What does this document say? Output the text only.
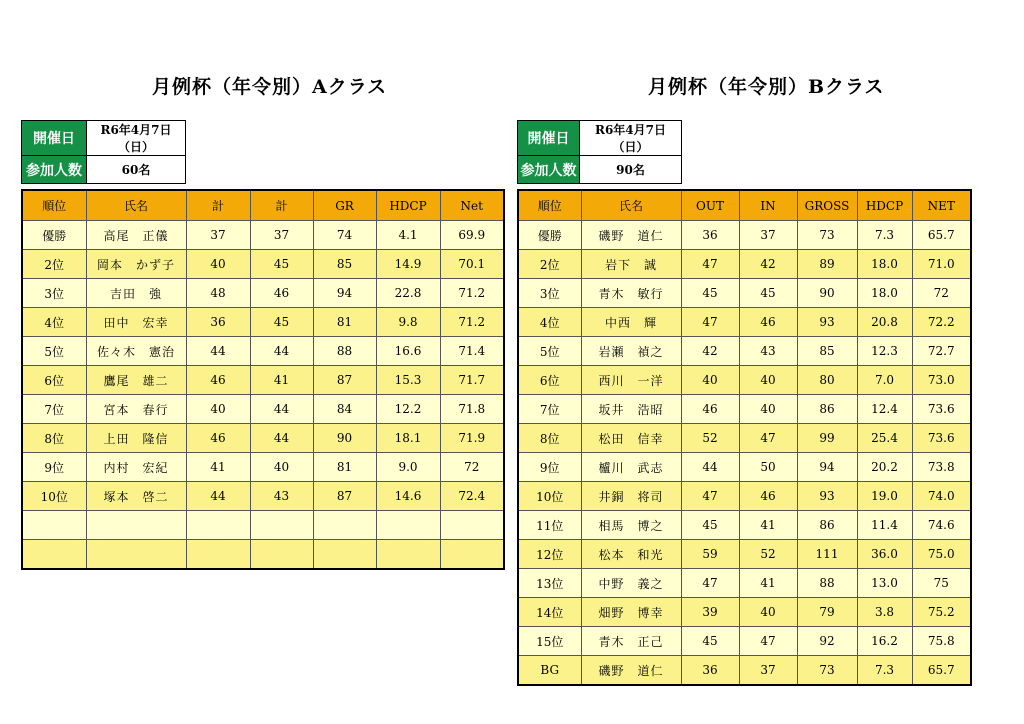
月例杯（年令別）Aクラス	月例杯（年令別）Bクラス
開催日	R6年4月7日（日）
参加人数	60名
開催日	R6年4月7日（日）
参加人数	90名
順位	氏名	計	計	GR	HDCP	Net
優勝	高尾　正儀	37	37	74	4.1	69.9
2位	岡本　かず子	40	45	85	14.9	70.1
3位	吉田　強	48	46	94	22.8	71.2
4位	田中　宏幸	36	45	81	9.8	71.2
5位	佐々木　憲治	44	44	88	16.6	71.4
6位	鷹尾　雄二	46	41	87	15.3	71.7
7位	宮本　春行	40	44	84	12.2	71.8
8位	上田　隆信	46	44	90	18.1	71.9
9位	内村　宏紀	41	40	81	9.0	72
10位	塚本　啓二	44	43	87	14.6	72.4

順位	氏名	OUT	IN	GROSS	HDCP	NET
優勝	磯野　道仁	36	37	73	7.3	65.7
2位	岩下　誠	47	42	89	18.0	71.0
3位	青木　敏行	45	45	90	18.0	72
4位	中西　輝	47	46	93	20.8	72.2
5位	岩瀬　禎之	42	43	85	12.3	72.7
6位	西川　一洋	40	40	80	7.0	73.0
7位	坂井　浩昭	46	40	86	12.4	73.6
8位	松田　信幸	52	47	99	25.4	73.6
9位	櫨川　武志	44	50	94	20.2	73.8
10位	井銅　将司	47	46	93	19.0	74.0
11位	相馬　博之	45	41	86	11.4	74.6
12位	松本　和光	59	52	111	36.0	75.0
13位	中野　義之	47	41	88	13.0	75
14位	畑野　博幸	39	40	79	3.8	75.2
15位	青木　正己	45	47	92	16.2	75.8
BG	磯野　道仁	36	37	73	7.3	65.7
